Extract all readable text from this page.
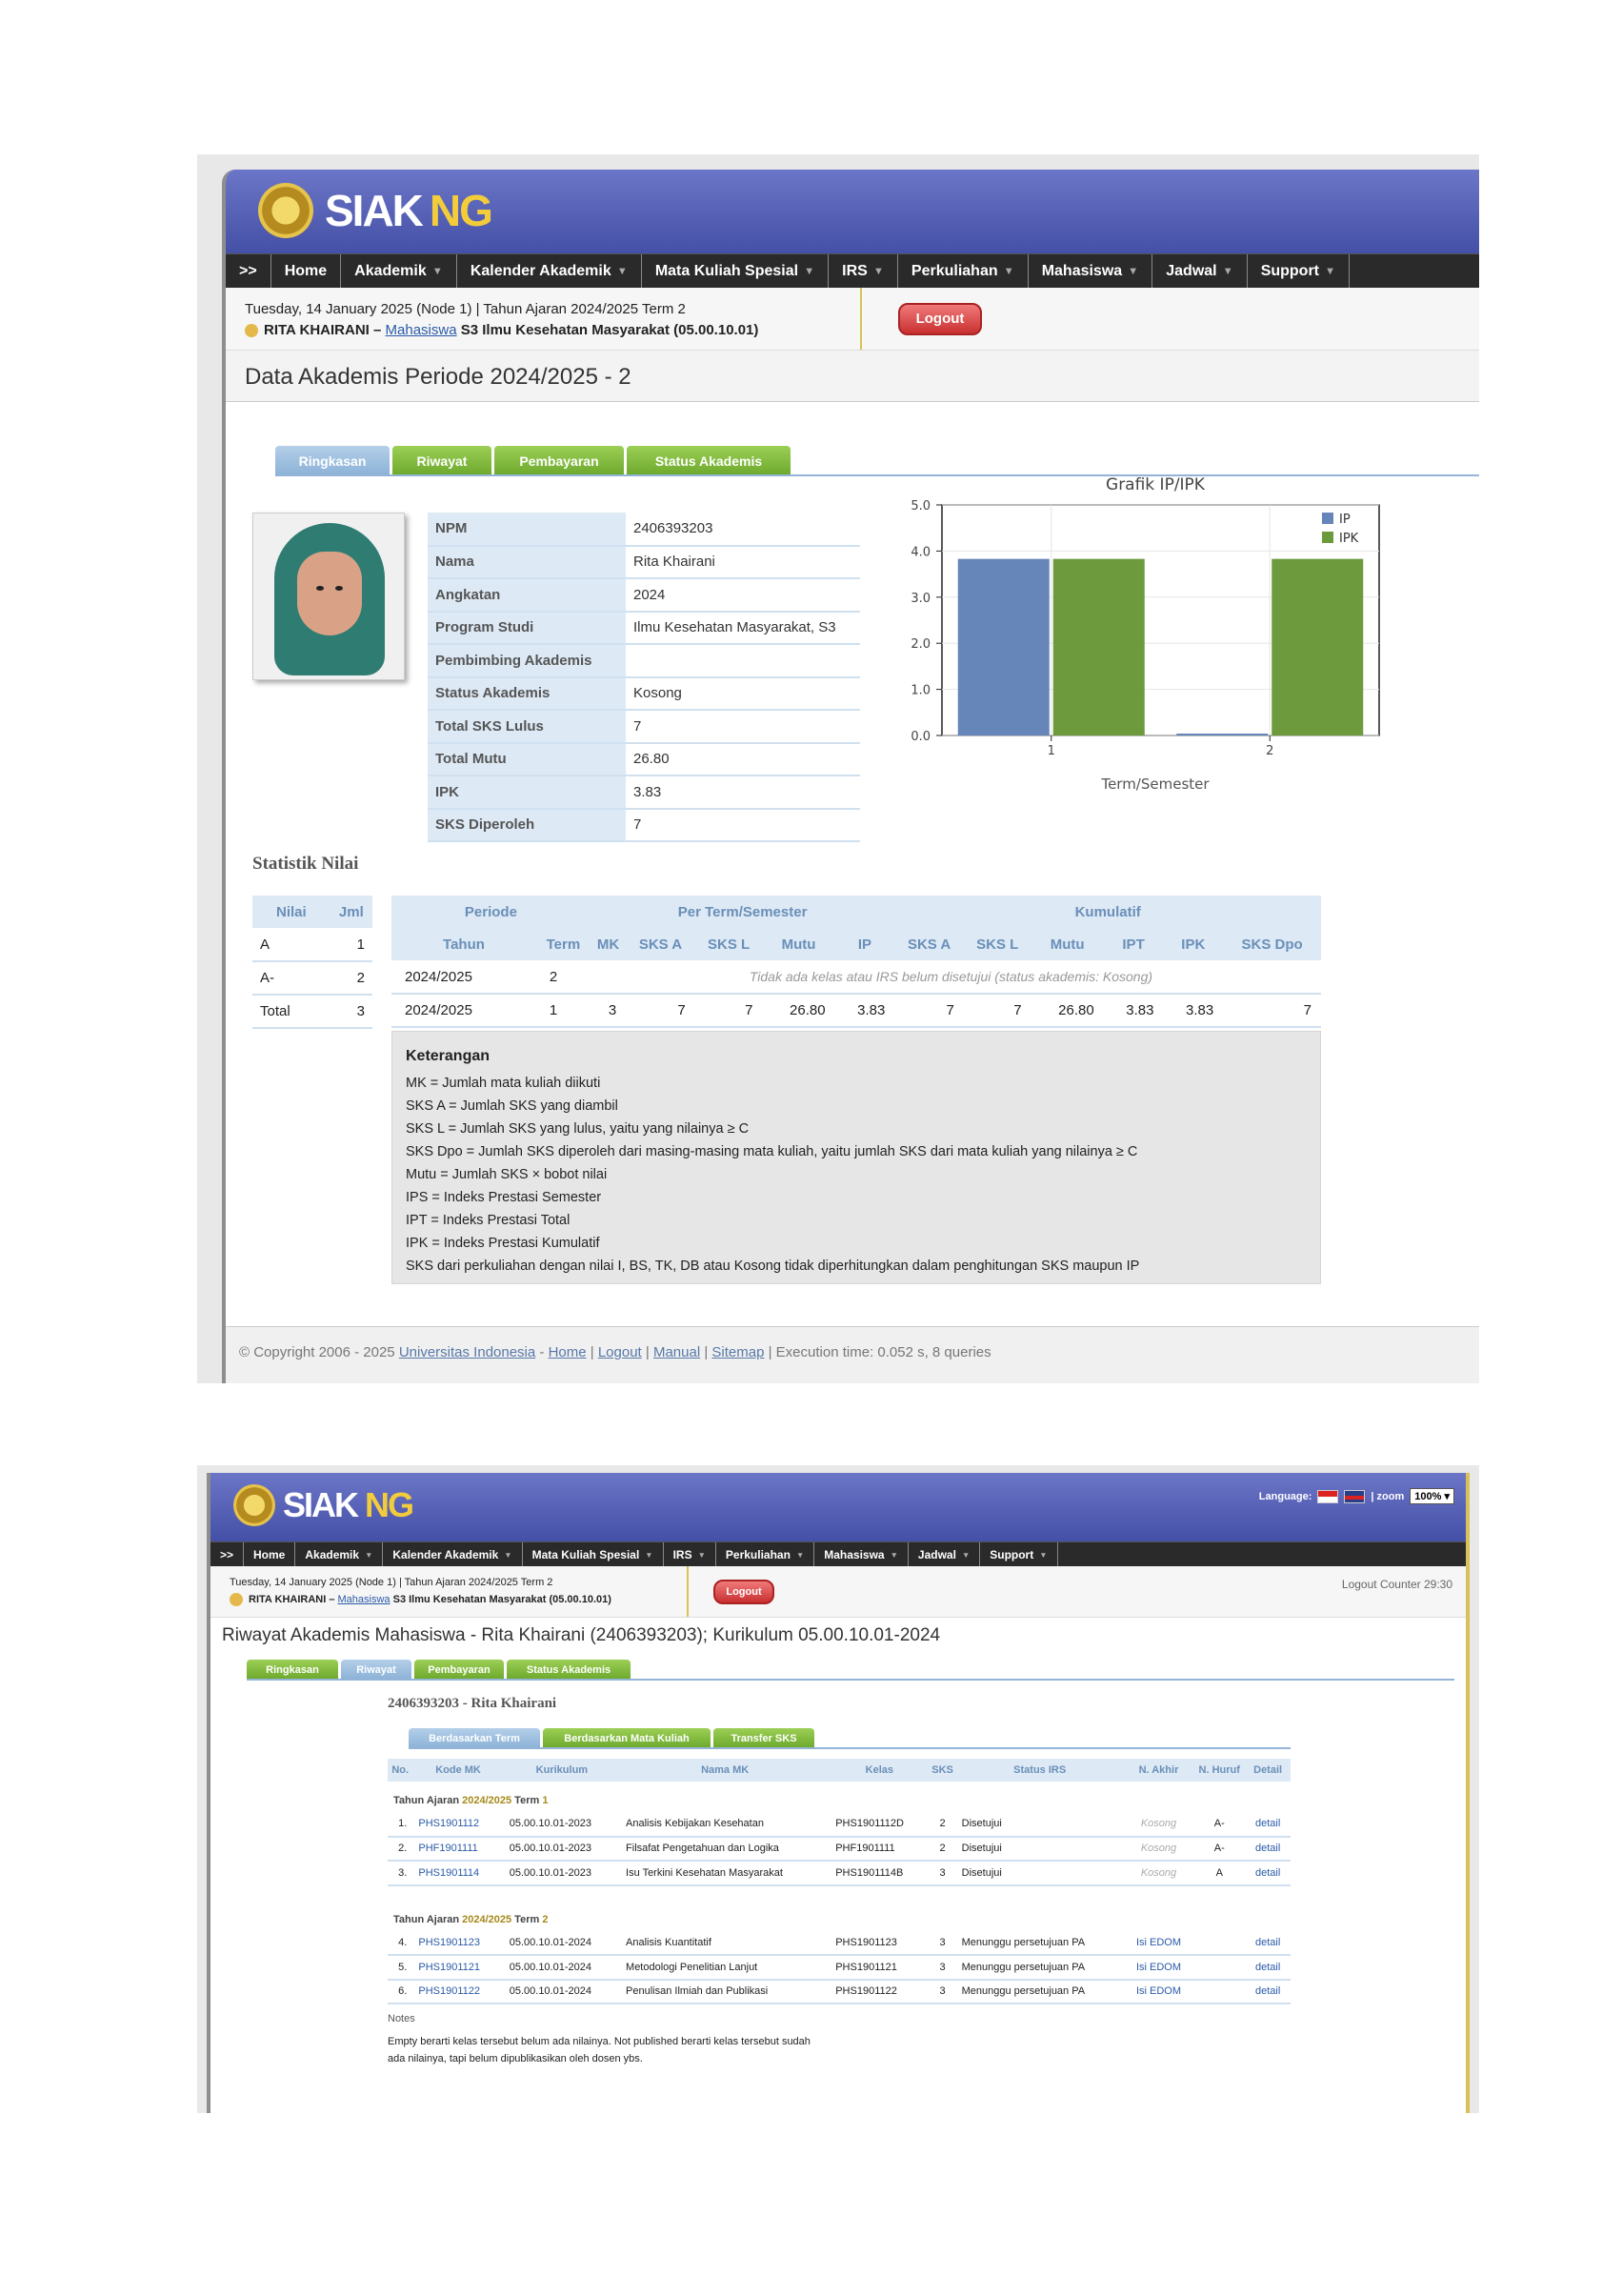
SIAK NG
>>	Home Akademik ▼ Kalender Akademik ▼ Mata Kuliah Spesial ▼ IRS ▼ Perkuliahan ▼ Mahasiswa ▼ Jadwal ▼ Support ▼
Tuesday, 14 January 2025 (Node 1) | Tahun Ajaran 2024/2025 Term 2
RITA KHAIRANI – Mahasiswa S3 Ilmu Kesehatan Masyarakat (05.00.10.01)
Logout
Data Akademis Periode 2024/2025 - 2
Ringkasan	Riwayat	Pembayaran	Status Akademis
NPM	2406393203
Nama	Rita Khairani
Angkatan	2024
Program Studi	Ilmu Kesehatan Masyarakat, S3
Pembimbing Akademis	
Status Akademis	Kosong
Total SKS Lulus	7
Total Mutu	26.80
IPK	3.83
SKS Diperoleh	7
Grafik IP/IPK
Term/Semester
0.0
1.0
2.0
3.0
4.0
5.0
1	2
IP
IPK
Statistik Nilai
Nilai	Jml
A	1
A-	2
Total	3
Periode		Per Term/Semester					Kumulatif					
Tahun	Term	MK	SKS A	SKS L	Mutu	IP	SKS A	SKS L	Mutu	IPT	IPK	SKS Dpo
2024/2025	2	Tidak ada kelas atau IRS belum disetujui (status akademis: Kosong)										
2024/2025	1	3	7	7	26.80	3.83	7	7	26.80	3.83	3.83	7
Keterangan
MK = Jumlah mata kuliah diikuti
SKS A = Jumlah SKS yang diambil
SKS L = Jumlah SKS yang lulus, yaitu yang nilainya ≥ C
SKS Dpo = Jumlah SKS diperoleh dari masing-masing mata kuliah, yaitu jumlah SKS dari mata kuliah yang nilainya ≥ C
Mutu = Jumlah SKS × bobot nilai
IPS = Indeks Prestasi Semester
IPT = Indeks Prestasi Total
IPK = Indeks Prestasi Kumulatif
SKS dari perkuliahan dengan nilai I, BS, TK, DB atau Kosong tidak diperhitungkan dalam penghitungan SKS maupun IP
© Copyright 2006 - 2025 Universitas Indonesia - Home | Logout | Manual | Sitemap | Execution time: 0.052 s, 8 queries
SIAK NG	Language:	| zoom	100% ▾
>>	Home Akademik ▼ Kalender Akademik ▼ Mata Kuliah Spesial ▼ IRS ▼ Perkuliahan ▼ Mahasiswa ▼ Jadwal ▼ Support ▼
Tuesday, 14 January 2025 (Node 1) | Tahun Ajaran 2024/2025 Term 2
RITA KHAIRANI – Mahasiswa S3 Ilmu Kesehatan Masyarakat (05.00.10.01)
Logout
Logout Counter 29:30
Riwayat Akademis Mahasiswa - Rita Khairani (2406393203); Kurikulum 05.00.10.01-2024
Ringkasan	Riwayat	Pembayaran	Status Akademis
2406393203 - Rita Khairani
Berdasarkan Term	Berdasarkan Mata Kuliah	Transfer SKS
No.	Kode MK	Kurikulum	Nama MK	Kelas	SKS	Status IRS	N. Akhir	N. Huruf	Detail
Tahun Ajaran 2024/2025 Term 1									
1.	PHS1901112	05.00.10.01-2023	Analisis Kebijakan Kesehatan	PHS1901112D	2	Disetujui	Kosong	A-	detail
2.	PHF1901111	05.00.10.01-2023	Filsafat Pengetahuan dan Logika	PHF1901111	2	Disetujui	Kosong	A-	detail
3.	PHS1901114	05.00.10.01-2023	Isu Terkini Kesehatan Masyarakat	PHS1901114B	3	Disetujui	Kosong	A	detail

Tahun Ajaran 2024/2025 Term 2									
4.	PHS1901123	05.00.10.01-2024	Analisis Kuantitatif	PHS1901123	3	Menunggu persetujuan PA	Isi EDOM		detail
5.	PHS1901121	05.00.10.01-2024	Metodologi Penelitian Lanjut	PHS1901121	3	Menunggu persetujuan PA	Isi EDOM		detail
6.	PHS1901122	05.00.10.01-2024	Penulisan Ilmiah dan Publikasi	PHS1901122	3	Menunggu persetujuan PA	Isi EDOM		detail
Notes
Empty berarti kelas tersebut belum ada nilainya. Not published berarti kelas tersebut sudah ada nilainya, tapi belum dipublikasikan oleh dosen ybs.
